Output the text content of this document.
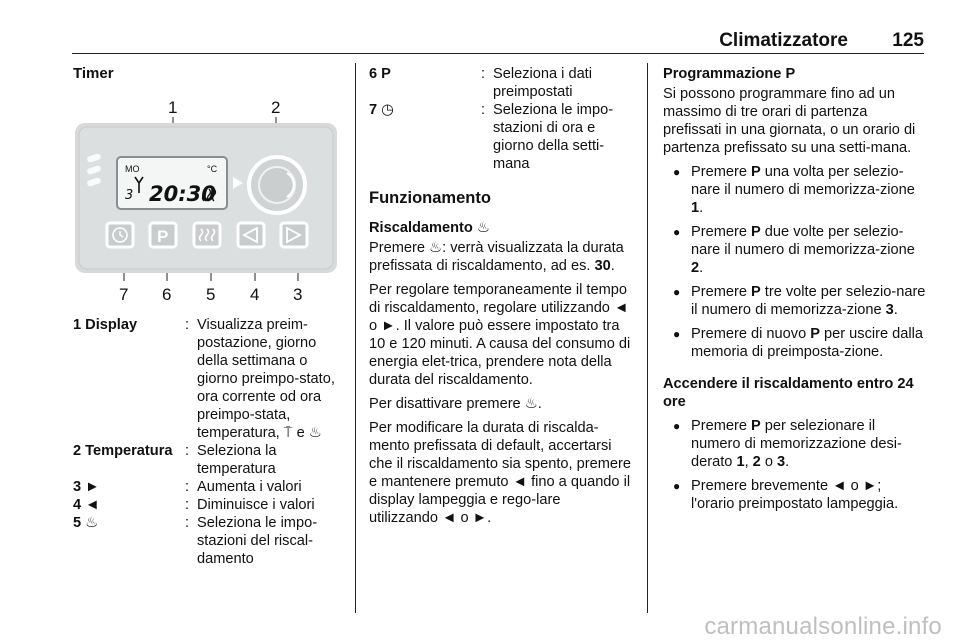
Climatizzatore 125
Timer
1	2
7 6 5 4 3
MO	°C
3 20:30
P
1 Display	: Visualizza preim-postazione, giorno della settimana o giorno preimpo-stato, ora corrente od ora preimpo-stata, temperatura, ⍑ e ♨
2 Temperatura : Seleziona la temperatura
3 ►	: Aumenta i valori
4 ◄	: Diminuisce i valori
5 ♨	: Seleziona le impo-stazioni del riscal-damento
6 P	: Seleziona i dati preimpostati
7 ◷	: Seleziona le impo-stazioni di ora e giorno della setti-mana
Funzionamento
Riscaldamento ♨

Premere ♨: verrà visualizzata la durata prefissata di riscaldamento, ad es. 30.

Per regolare temporaneamente il tempo di riscaldamento, regolare utilizzando ◄ o ►. Il valore può essere impostato tra 10 e 120 minuti. A causa del consumo di energia elet-trica, prendere nota della durata del riscaldamento.

Per disattivare premere ♨.

Per modificare la durata di riscalda-mento prefissata di default, accertarsi che il riscaldamento sia spento, premere e mantenere premuto ◄ fino a quando il display lampeggia e rego-lare utilizzando ◄ o ►.

Programmazione P

Si possono programmare fino ad un massimo di tre orari di partenza prefissati in una giornata, o un orario di partenza prefissato su una setti-mana.

● Premere P una volta per selezio-nare il numero di memorizza-zione 1.
● Premere P due volte per selezio-nare il numero di memorizza-zione 2.
● Premere P tre volte per selezio-nare il numero di memorizza-zione 3.
● Premere di nuovo P per uscire dalla memoria di preimposta-zione.
Accendere il riscaldamento entro 24 ore
● Premere P per selezionare il numero di memorizzazione desi-derato 1, 2 o 3.
● Premere brevemente ◄ o ►; l'orario preimpostato lampeggia.
carmanualsonline.info
